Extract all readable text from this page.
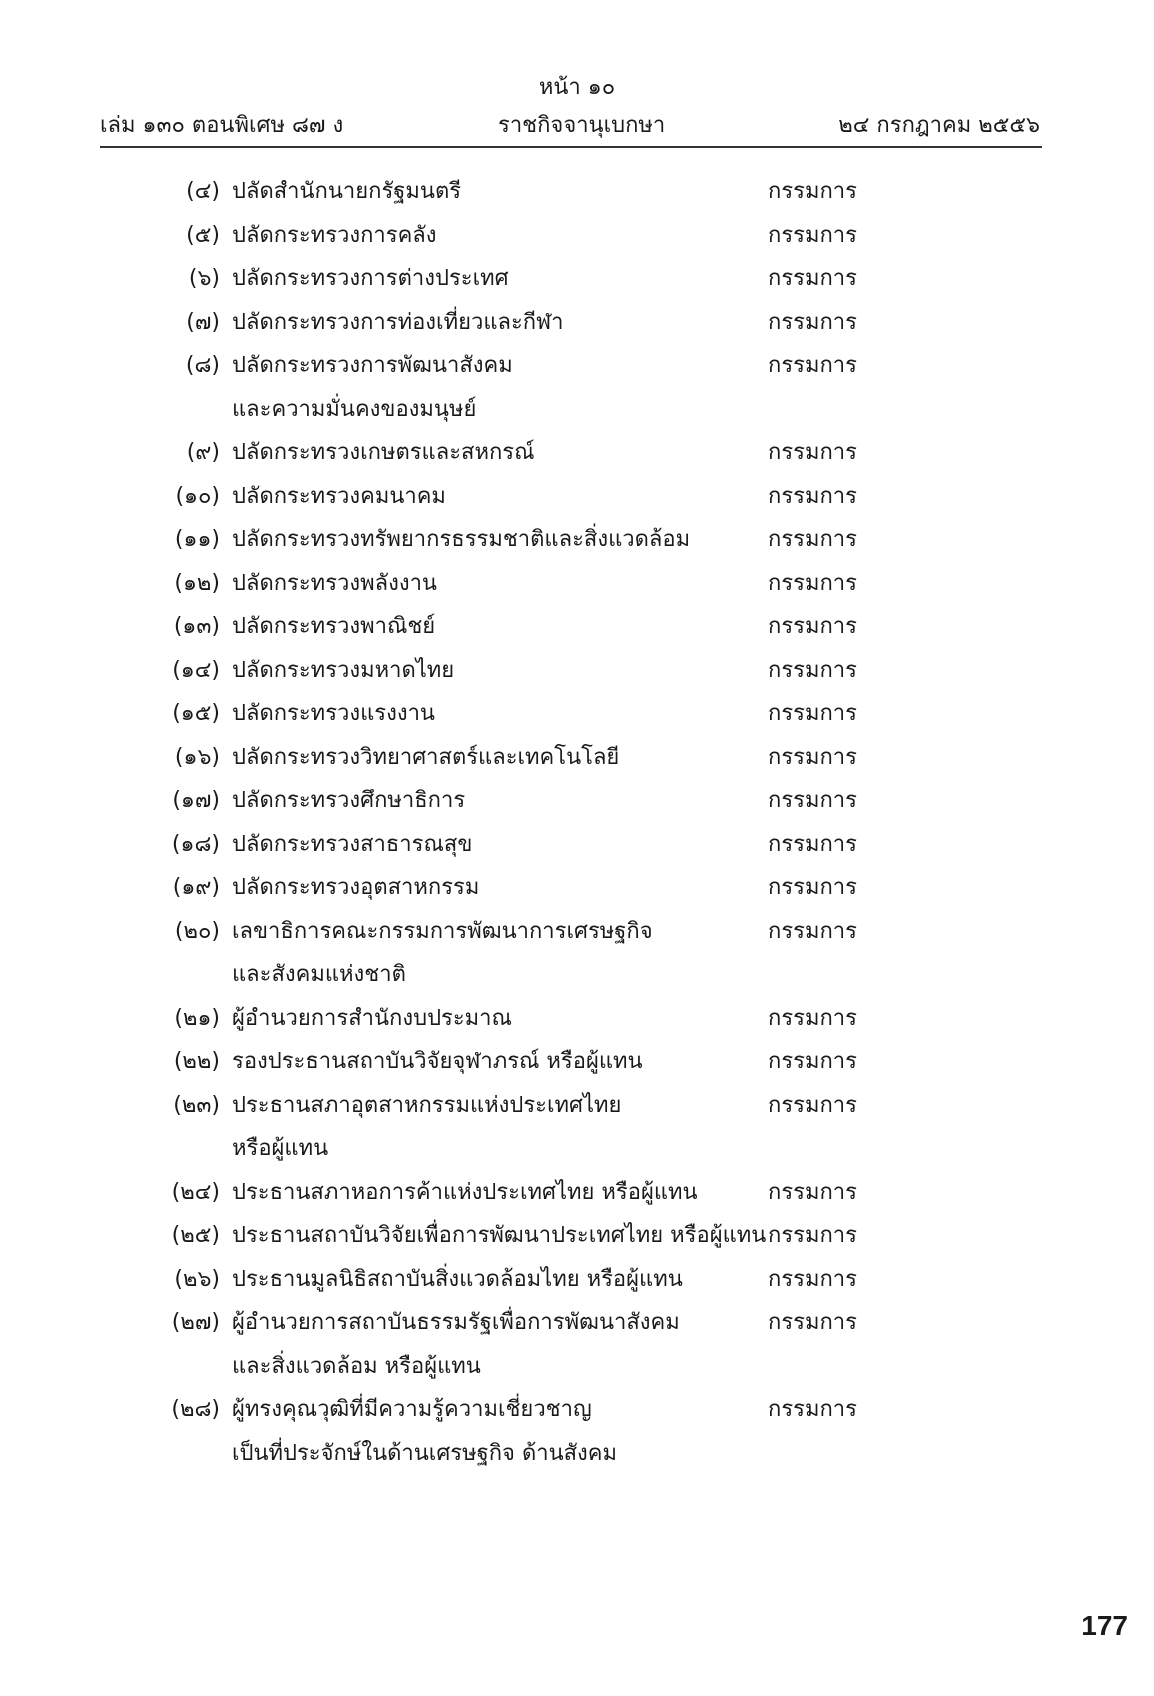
หน้า ๑๐
เล่ม ๑๓๐ ตอนพิเศษ ๘๗ ง	ราชกิจจานุเบกษา	๒๔ กรกฎาคม ๒๕๕๖
(๔) ปลัดสำนักนายกรัฐมนตรี	กรรมการ
(๕) ปลัดกระทรวงการคลัง	กรรมการ
(๖) ปลัดกระทรวงการต่างประเทศ	กรรมการ
(๗) ปลัดกระทรวงการท่องเที่ยวและกีฬา	กรรมการ
(๘) ปลัดกระทรวงการพัฒนาสังคม
และความมั่นคงของมนุษย์
กรรมการ
(๙) ปลัดกระทรวงเกษตรและสหกรณ์	กรรมการ
(๑๐) ปลัดกระทรวงคมนาคม	กรรมการ
(๑๑) ปลัดกระทรวงทรัพยากรธรรมชาติและสิ่งแวดล้อม	กรรมการ
(๑๒) ปลัดกระทรวงพลังงาน	กรรมการ
(๑๓) ปลัดกระทรวงพาณิชย์	กรรมการ
(๑๔) ปลัดกระทรวงมหาดไทย	กรรมการ
(๑๕) ปลัดกระทรวงแรงงาน	กรรมการ
(๑๖) ปลัดกระทรวงวิทยาศาสตร์และเทคโนโลยี	กรรมการ
(๑๗) ปลัดกระทรวงศึกษาธิการ	กรรมการ
(๑๘) ปลัดกระทรวงสาธารณสุข	กรรมการ
(๑๙) ปลัดกระทรวงอุตสาหกรรม	กรรมการ
(๒๐) เลขาธิการคณะกรรมการพัฒนาการเศรษฐกิจ
และสังคมแห่งชาติ
กรรมการ
(๒๑) ผู้อำนวยการสำนักงบประมาณ	กรรมการ
(๒๒) รองประธานสถาบันวิจัยจุฬาภรณ์ หรือผู้แทน	กรรมการ
(๒๓) ประธานสภาอุตสาหกรรมแห่งประเทศไทย
หรือผู้แทน
กรรมการ
(๒๔) ประธานสภาหอการค้าแห่งประเทศไทย หรือผู้แทน	กรรมการ
(๒๕) ประธานสถาบันวิจัยเพื่อการพัฒนาประเทศไทย หรือผู้แทน กรรมการ
(๒๖) ประธานมูลนิธิสถาบันสิ่งแวดล้อมไทย หรือผู้แทน	กรรมการ
(๒๗) ผู้อำนวยการสถาบันธรรมรัฐเพื่อการพัฒนาสังคม
และสิ่งแวดล้อม หรือผู้แทน
กรรมการ
(๒๘) ผู้ทรงคุณวุฒิที่มีความรู้ความเชี่ยวชาญ
เป็นที่ประจักษ์ในด้านเศรษฐกิจ ด้านสังคม
กรรมการ
177
